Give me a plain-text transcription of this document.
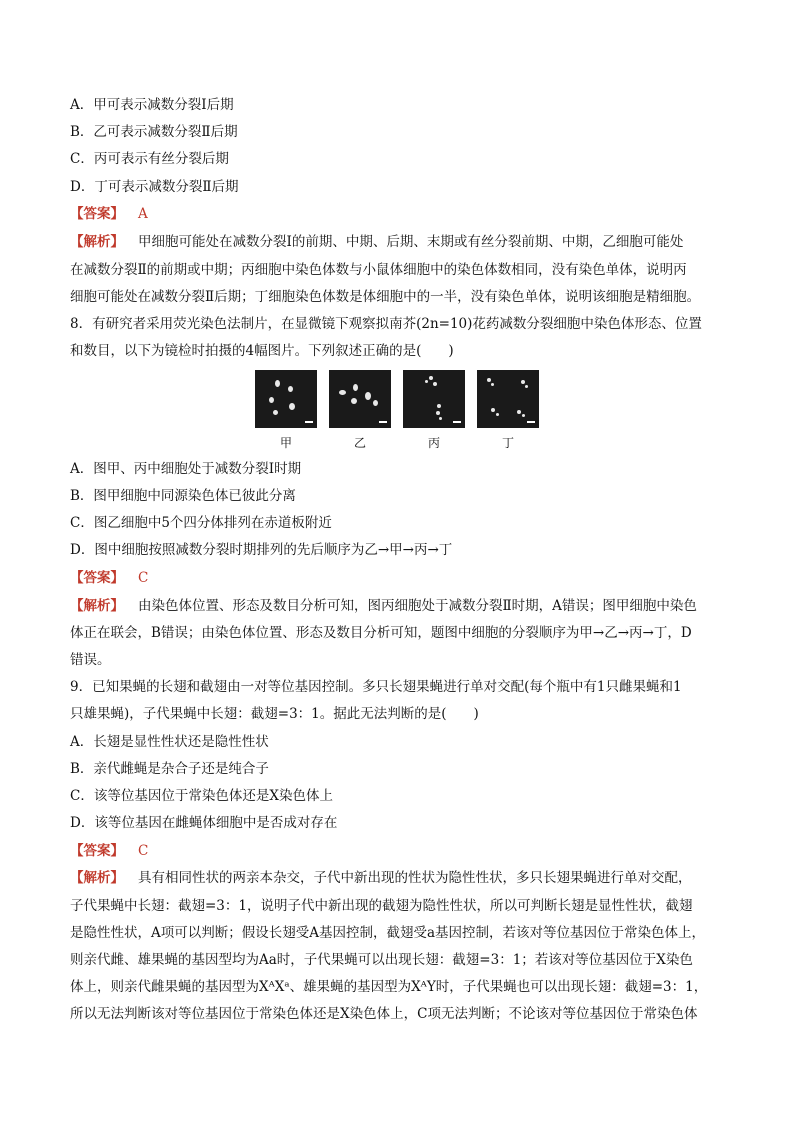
A．甲可表示减数分裂Ⅰ后期
B．乙可表示减数分裂Ⅱ后期
C．丙可表示有丝分裂后期
D．丁可表示减数分裂Ⅱ后期
【答案】 A
【解析】 甲细胞可能处在减数分裂Ⅰ的前期、中期、后期、末期或有丝分裂前期、中期，乙细胞可能处
在减数分裂Ⅱ的前期或中期；丙细胞中染色体数与小鼠体细胞中的染色体数相同，没有染色单体，说明丙
细胞可能处在减数分裂Ⅱ后期；丁细胞染色体数是体细胞中的一半，没有染色单体，说明该细胞是精细胞。
8．有研究者采用荧光染色法制片，在显微镜下观察拟南芥(2n=10)花药减数分裂细胞中染色体形态、位置
和数目，以下为镜检时拍摄的4幅图片。下列叙述正确的是(　　)
甲	乙	丙	丁
A．图甲、丙中细胞处于减数分裂Ⅰ时期
B．图甲细胞中同源染色体已彼此分离
C．图乙细胞中5个四分体排列在赤道板附近
D．图中细胞按照减数分裂时期排列的先后顺序为乙→甲→丙→丁
【答案】 C
【解析】 由染色体位置、形态及数目分析可知，图丙细胞处于减数分裂Ⅱ时期，A错误；图甲细胞中染色
体正在联会，B错误；由染色体位置、形态及数目分析可知，题图中细胞的分裂顺序为甲→乙→丙→丁，D
错误。
9．已知果蝇的长翅和截翅由一对等位基因控制。多只长翅果蝇进行单对交配(每个瓶中有1只雌果蝇和1
只雄果蝇)，子代果蝇中长翅：截翅=3：1。据此无法判断的是(　　)
A．长翅是显性性状还是隐性性状
B．亲代雌蝇是杂合子还是纯合子
C．该等位基因位于常染色体还是X染色体上
D．该等位基因在雌蝇体细胞中是否成对存在
【答案】 C
【解析】 具有相同性状的两亲本杂交，子代中新出现的性状为隐性性状，多只长翅果蝇进行单对交配，
子代果蝇中长翅：截翅=3：1，说明子代中新出现的截翅为隐性性状，所以可判断长翅是显性性状，截翅
是隐性性状，A项可以判断；假设长翅受A基因控制，截翅受a基因控制，若该对等位基因位于常染色体上，
则亲代雌、雄果蝇的基因型均为Aa时，子代果蝇可以出现长翅：截翅=3：1；若该对等位基因位于X染色
体上，则亲代雌果蝇的基因型为XᴬXᵃ、雄果蝇的基因型为XᴬY时，子代果蝇也可以出现长翅：截翅=3：1，
所以无法判断该对等位基因位于常染色体还是X染色体上，C项无法判断；不论该对等位基因位于常染色体
